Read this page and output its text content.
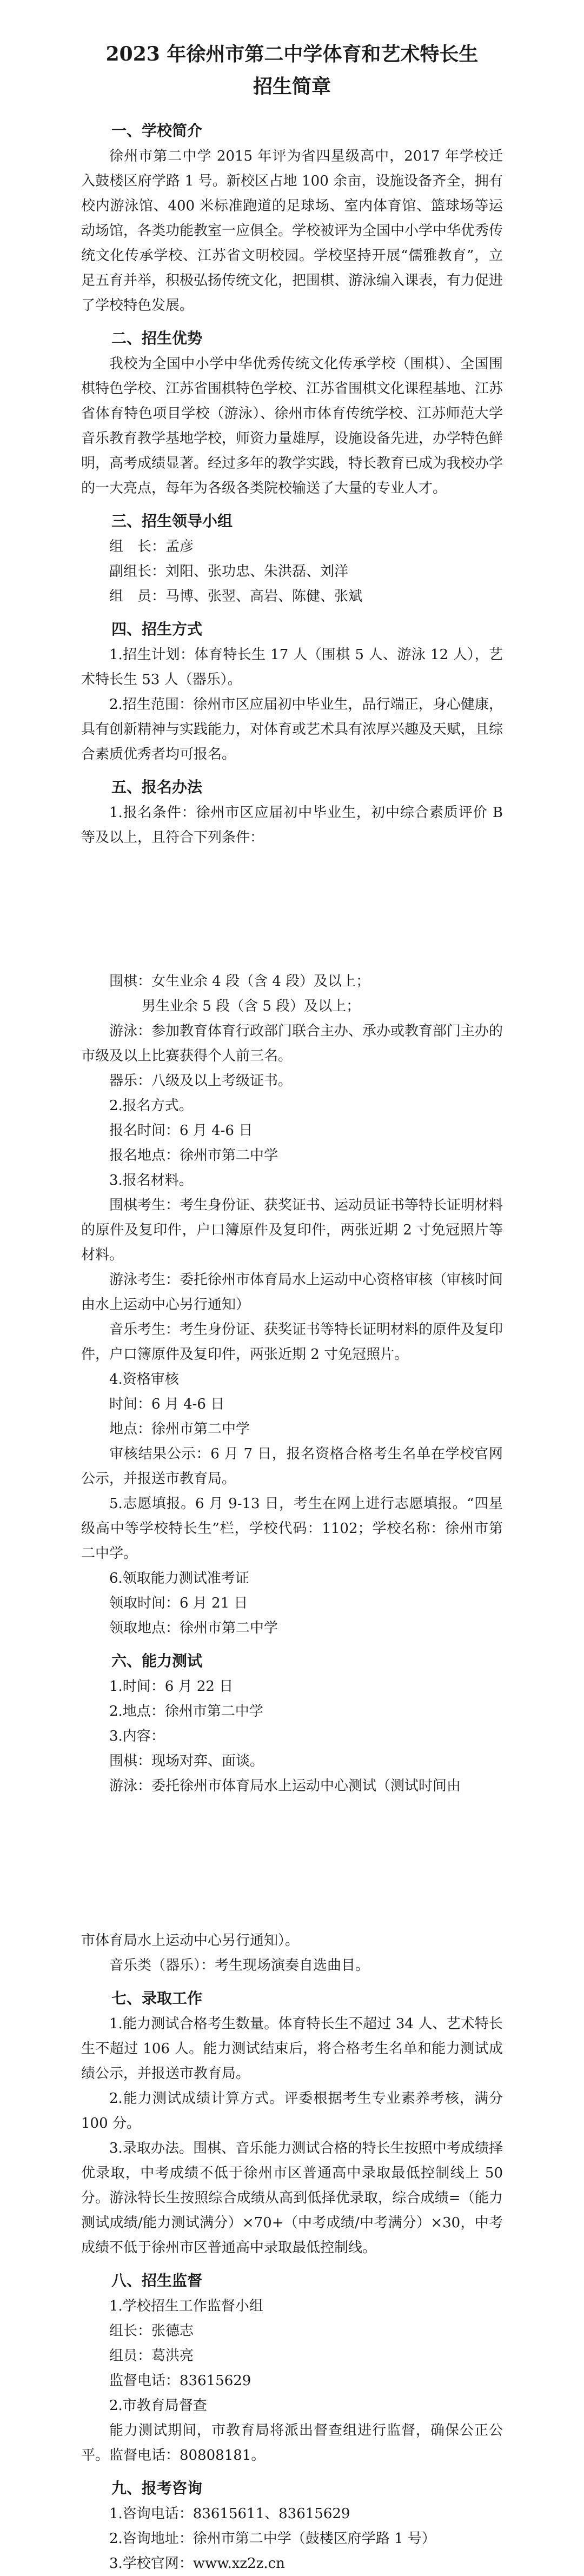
2023 年徐州市第二中学体育和艺术特长生

招生简章

一、学校简介

徐州市第二中学 2015 年评为省四星级高中，2017 年学校迁入鼓楼区府学路 1 号。新校区占地 100 余亩，设施设备齐全，拥有校内游泳馆、400 米标准跑道的足球场、室内体育馆、篮球场等运动场馆，各类功能教室一应俱全。学校被评为全国中小学中华优秀传统文化传承学校、江苏省文明校园。学校坚持开展“儒雅教育”，立足五育并举，积极弘扬传统文化，把围棋、游泳编入课表，有力促进了学校特色发展。

二、招生优势

我校为全国中小学中华优秀传统文化传承学校（围棋）、全国围棋特色学校、江苏省围棋特色学校、江苏省围棋文化课程基地、江苏省体育特色项目学校（游泳）、徐州市体育传统学校、江苏师范大学音乐教育教学基地学校，师资力量雄厚，设施设备先进，办学特色鲜明，高考成绩显著。经过多年的教学实践，特长教育已成为我校办学的一大亮点，每年为各级各类院校输送了大量的专业人才。

三、招生领导小组

组　长：孟彦

副组长：刘阳、张功忠、朱洪磊、刘洋

组　员：马博、张翌、高岩、陈健、张斌

四、招生方式

1.招生计划：体育特长生 17 人（围棋 5 人、游泳 12 人），艺术特长生 53 人（器乐）。

2.招生范围：徐州市区应届初中毕业生，品行端正，身心健康，具有创新精神与实践能力，对体育或艺术具有浓厚兴趣及天赋，且综合素质优秀者均可报名。

五、报名办法

1.报名条件：徐州市区应届初中毕业生，初中综合素质评价 B 等及以上，且符合下列条件：

围棋：女生业余 4 段（含 4 段）及以上；

男生业余 5 段（含 5 段）及以上；

游泳：参加教育体育行政部门联合主办、承办或教育部门主办的市级及以上比赛获得个人前三名。

器乐：八级及以上考级证书。

2.报名方式。

报名时间：6 月 4-6 日

报名地点：徐州市第二中学

3.报名材料。

围棋考生：考生身份证、获奖证书、运动员证书等特长证明材料的原件及复印件，户口簿原件及复印件，两张近期 2 寸免冠照片等材料。

游泳考生：委托徐州市体育局水上运动中心资格审核（审核时间由水上运动中心另行通知）

音乐考生：考生身份证、获奖证书等特长证明材料的原件及复印件，户口簿原件及复印件，两张近期 2 寸免冠照片。

4.资格审核

时间：6 月 4-6 日

地点：徐州市第二中学

审核结果公示：6 月 7 日，报名资格合格考生名单在学校官网公示，并报送市教育局。

5.志愿填报。6 月 9-13 日，考生在网上进行志愿填报。“四星级高中等学校特长生”栏，学校代码：1102；学校名称：徐州市第二中学。

6.领取能力测试准考证

领取时间：6 月 21 日

领取地点：徐州市第二中学

六、能力测试

1.时间：6 月 22 日

2.地点：徐州市第二中学

3.内容：

围棋：现场对弈、面谈。

游泳：委托徐州市体育局水上运动中心测试（测试时间由

市体育局水上运动中心另行通知）。

音乐类（器乐）：考生现场演奏自选曲目。

七、录取工作

1.能力测试合格考生数量。体育特长生不超过 34 人、艺术特长生不超过 106 人。能力测试结束后，将合格考生名单和能力测试成绩公示，并报送市教育局。

2.能力测试成绩计算方式。评委根据考生专业素养考核，满分 100 分。

3.录取办法。围棋、音乐能力测试合格的特长生按照中考成绩择优录取，中考成绩不低于徐州市区普通高中录取最低控制线上 50 分。游泳特长生按照综合成绩从高到低择优录取，综合成绩=（能力测试成绩/能力测试满分）×70+（中考成绩/中考满分）×30，中考成绩不低于徐州市区普通高中录取最低控制线。

八、招生监督

1.学校招生工作监督小组

组长：张德志

组员：葛洪亮

监督电话：83615629

2.市教育局督查

能力测试期间，市教育局将派出督查组进行监督，确保公正公平。监督电话：80808181。

九、报考咨询

1.咨询电话：83615611、83615629

2.咨询地址：徐州市第二中学（鼓楼区府学路 1 号）

3.学校官网：www.xz2z.cn
